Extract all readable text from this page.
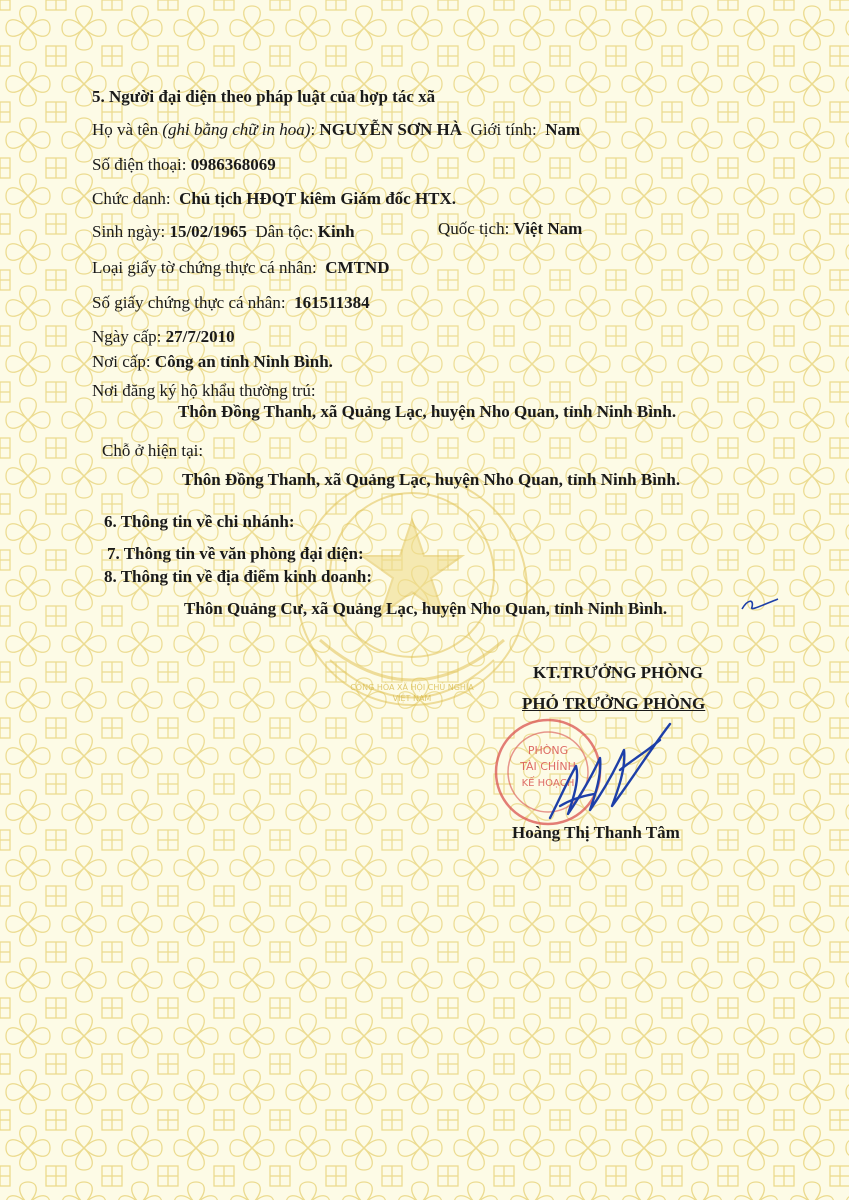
CỘNG HÒA XÃ HỘI CHỦ NGHĨA
VIỆT NAM
5. Người đại diện theo pháp luật của hợp tác xã
Họ và tên (ghi bằng chữ in hoa): NGUYỄN SƠN HÀ Giới tính: Nam
Số điện thoại: 0986368069
Chức danh: Chủ tịch HĐQT kiêm Giám đốc HTX.
Sinh ngày: 15/02/1965 Dân tộc: Kinh	Quốc tịch: Việt Nam
Loại giấy tờ chứng thực cá nhân: CMTND
Số giấy chứng thực cá nhân: 161511384
Ngày cấp: 27/7/2010
Nơi cấp: Công an tỉnh Ninh Bình.
Nơi đăng ký hộ khẩu thường trú:
Thôn Đồng Thanh, xã Quảng Lạc, huyện Nho Quan, tỉnh Ninh Bình.
Chỗ ở hiện tại:
Thôn Đồng Thanh, xã Quảng Lạc, huyện Nho Quan, tỉnh Ninh Bình.
6. Thông tin về chi nhánh:
7. Thông tin về văn phòng đại diện:
8. Thông tin về địa điểm kinh doanh:
Thôn Quảng Cư, xã Quảng Lạc, huyện Nho Quan, tỉnh Ninh Bình.
KT.TRƯỞNG PHÒNG
PHÓ TRƯỞNG PHÒNG
PHÒNG
TÀI CHÍNH
KẾ HOẠCH
Hoàng Thị Thanh Tâm
